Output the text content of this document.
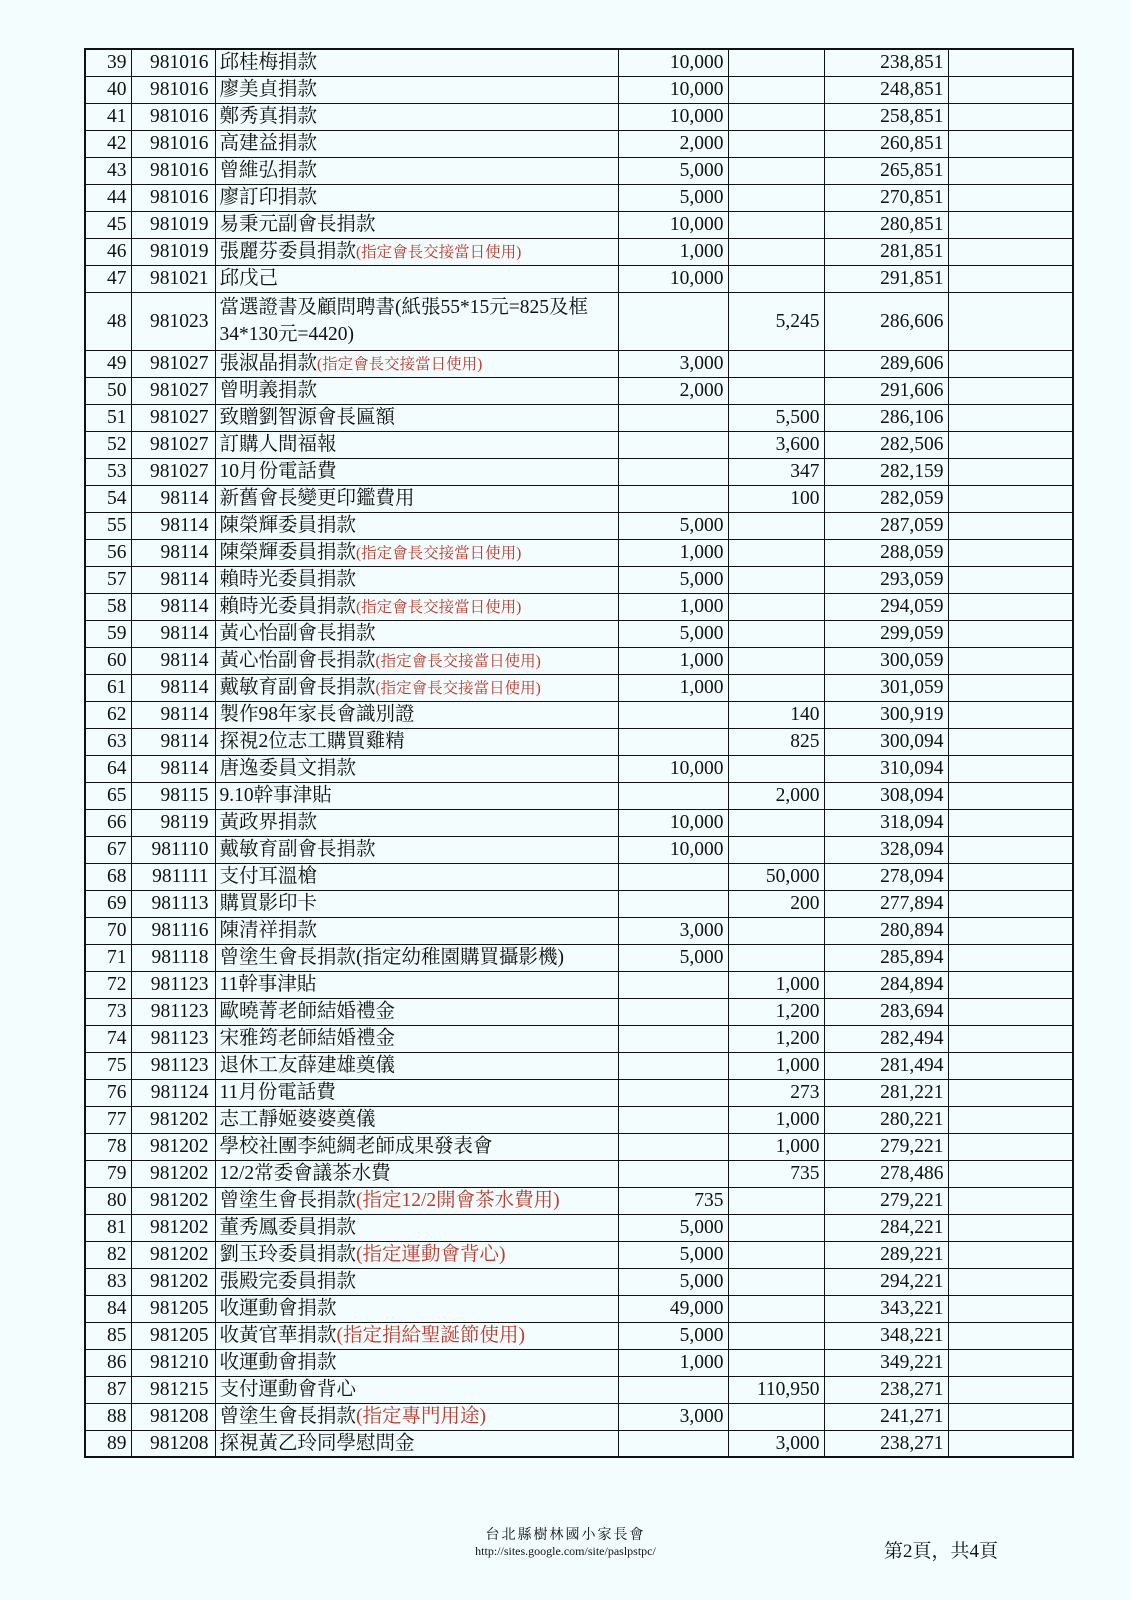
39	981016	邱桂梅捐款	10,000		238,851	
40	981016	廖美貞捐款	10,000		248,851	
41	981016	鄭秀真捐款	10,000		258,851	
42	981016	高建益捐款	2,000		260,851	
43	981016	曾維弘捐款	5,000		265,851	
44	981016	廖訂印捐款	5,000		270,851	
45	981019	易秉元副會長捐款	10,000		280,851	
46	981019	張麗芬委員捐款(指定會長交接當日使用)	1,000		281,851	
47	981021	邱戊己	10,000		291,851	
48	981023	當選證書及顧問聘書(紙張55*15元=825及框34*130元=4420)		5,245	286,606	
49	981027	張淑晶捐款(指定會長交接當日使用)	3,000		289,606	
50	981027	曾明義捐款	2,000		291,606	
51	981027	致贈劉智源會長匾額		5,500	286,106	
52	981027	訂購人間福報		3,600	282,506	
53	981027	10月份電話費		347	282,159	
54	98114	新舊會長變更印鑑費用		100	282,059	
55	98114	陳榮輝委員捐款	5,000		287,059	
56	98114	陳榮輝委員捐款(指定會長交接當日使用)	1,000		288,059	
57	98114	賴時光委員捐款	5,000		293,059	
58	98114	賴時光委員捐款(指定會長交接當日使用)	1,000		294,059	
59	98114	黃心怡副會長捐款	5,000		299,059	
60	98114	黃心怡副會長捐款(指定會長交接當日使用)	1,000		300,059	
61	98114	戴敏育副會長捐款(指定會長交接當日使用)	1,000		301,059	
62	98114	製作98年家長會識別證		140	300,919	
63	98114	探視2位志工購買雞精		825	300,094	
64	98114	唐逸委員文捐款	10,000		310,094	
65	98115	9.10幹事津貼		2,000	308,094	
66	98119	黃政界捐款	10,000		318,094	
67	981110	戴敏育副會長捐款	10,000		328,094	
68	981111	支付耳溫槍		50,000	278,094	
69	981113	購買影印卡		200	277,894	
70	981116	陳清祥捐款	3,000		280,894	
71	981118	曾塗生會長捐款(指定幼稚園購買攝影機)	5,000		285,894	
72	981123	11幹事津貼		1,000	284,894	
73	981123	歐曉菁老師結婚禮金		1,200	283,694	
74	981123	宋雅筠老師結婚禮金		1,200	282,494	
75	981123	退休工友薛建雄奠儀		1,000	281,494	
76	981124	11月份電話費		273	281,221	
77	981202	志工靜姬婆婆奠儀		1,000	280,221	
78	981202	學校社團李純綢老師成果發表會		1,000	279,221	
79	981202	12/2常委會議茶水費		735	278,486	
80	981202	曾塗生會長捐款(指定12/2開會茶水費用)	735		279,221	
81	981202	董秀鳳委員捐款	5,000		284,221	
82	981202	劉玉玲委員捐款(指定運動會背心)	5,000		289,221	
83	981202	張殿完委員捐款	5,000		294,221	
84	981205	收運動會捐款	49,000		343,221	
85	981205	收黃官華捐款(指定捐給聖誕節使用)	5,000		348,221	
86	981210	收運動會捐款	1,000		349,221	
87	981215	支付運動會背心		110,950	238,271	
88	981208	曾塗生會長捐款(指定專門用途)	3,000		241,271	
89	981208	探視黃乙玲同學慰問金		3,000	238,271	
台北縣樹林國小家長會
http://sites.google.com/site/paslpstpc/	第2頁，共4頁
